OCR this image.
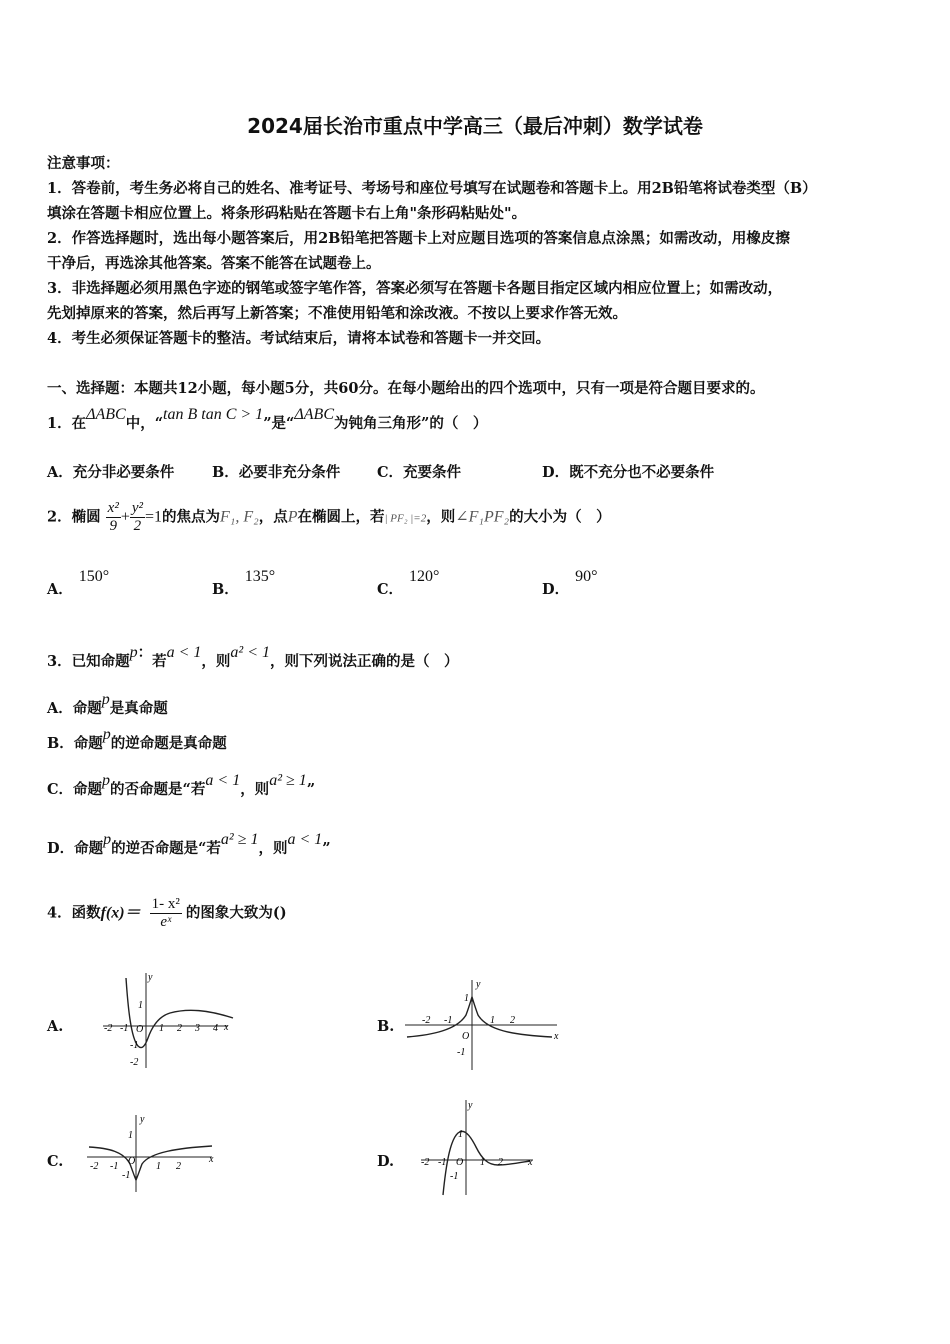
2024届长治市重点中学高三（最后冲刺）数学试卷
注意事项：
1．答卷前，考生务必将自己的姓名、准考证号、考场号和座位号填写在试题卷和答题卡上。用2B铅笔将试卷类型（B）
填涂在答题卡相应位置上。将条形码粘贴在答题卡右上角"条形码粘贴处"。
2．作答选择题时，选出每小题答案后，用2B铅笔把答题卡上对应题目选项的答案信息点涂黑；如需改动，用橡皮擦
干净后，再选涂其他答案。答案不能答在试题卷上。
3．非选择题必须用黑色字迹的钢笔或签字笔作答，答案必须写在答题卡各题目指定区域内相应位置上；如需改动，
先划掉原来的答案，然后再写上新答案；不准使用铅笔和涂改液。不按以上要求作答无效。
4．考生必须保证答题卡的整洁。考试结束后，请将本试卷和答题卡一并交回。
一、选择题：本题共12小题，每小题5分，共60分。在每小题给出的四个选项中，只有一项是符合题目要求的。
1．在ΔABC中，“tan B tan C > 1”是“ΔABC为钝角三角形”的（　）
A．充分非必要条件	B．必要非充分条件	C．充要条件	D．既不充分也不必要条件
2．椭圆 $\frac{\text{x²}}{9} + \frac{\text{y²}}{2} =1$的焦点为F₁, F₂，点P在椭圆上，若| PF₂ |=2，则∠F₁PF₂的大小为（　）
A．150°
B．135°
C．120°
D．90°
3．已知命题p：若a < 1，则a² < 1，则下列说法正确的是（　）
A．命题p是真命题
B．命题p的逆命题是真命题
C．命题p的否命题是“若a < 1，则a² ≥ 1”
D．命题p的逆否命题是“若a² ≥ 1，则a < 1”
4．函数$f(x)= \frac{\text{1- x²}}{\text{eˣ}}$ 的图象大致为()
A.	B.
C.	D.
y
x
-2 -1 O 1 2 3 4
1
-1
-2
y
x
-2 -1
O
1 2
1
-1
y
x
-2 -1 O 1 2
1
-1
y
x
-2 -1 O 1 2
1
-1
